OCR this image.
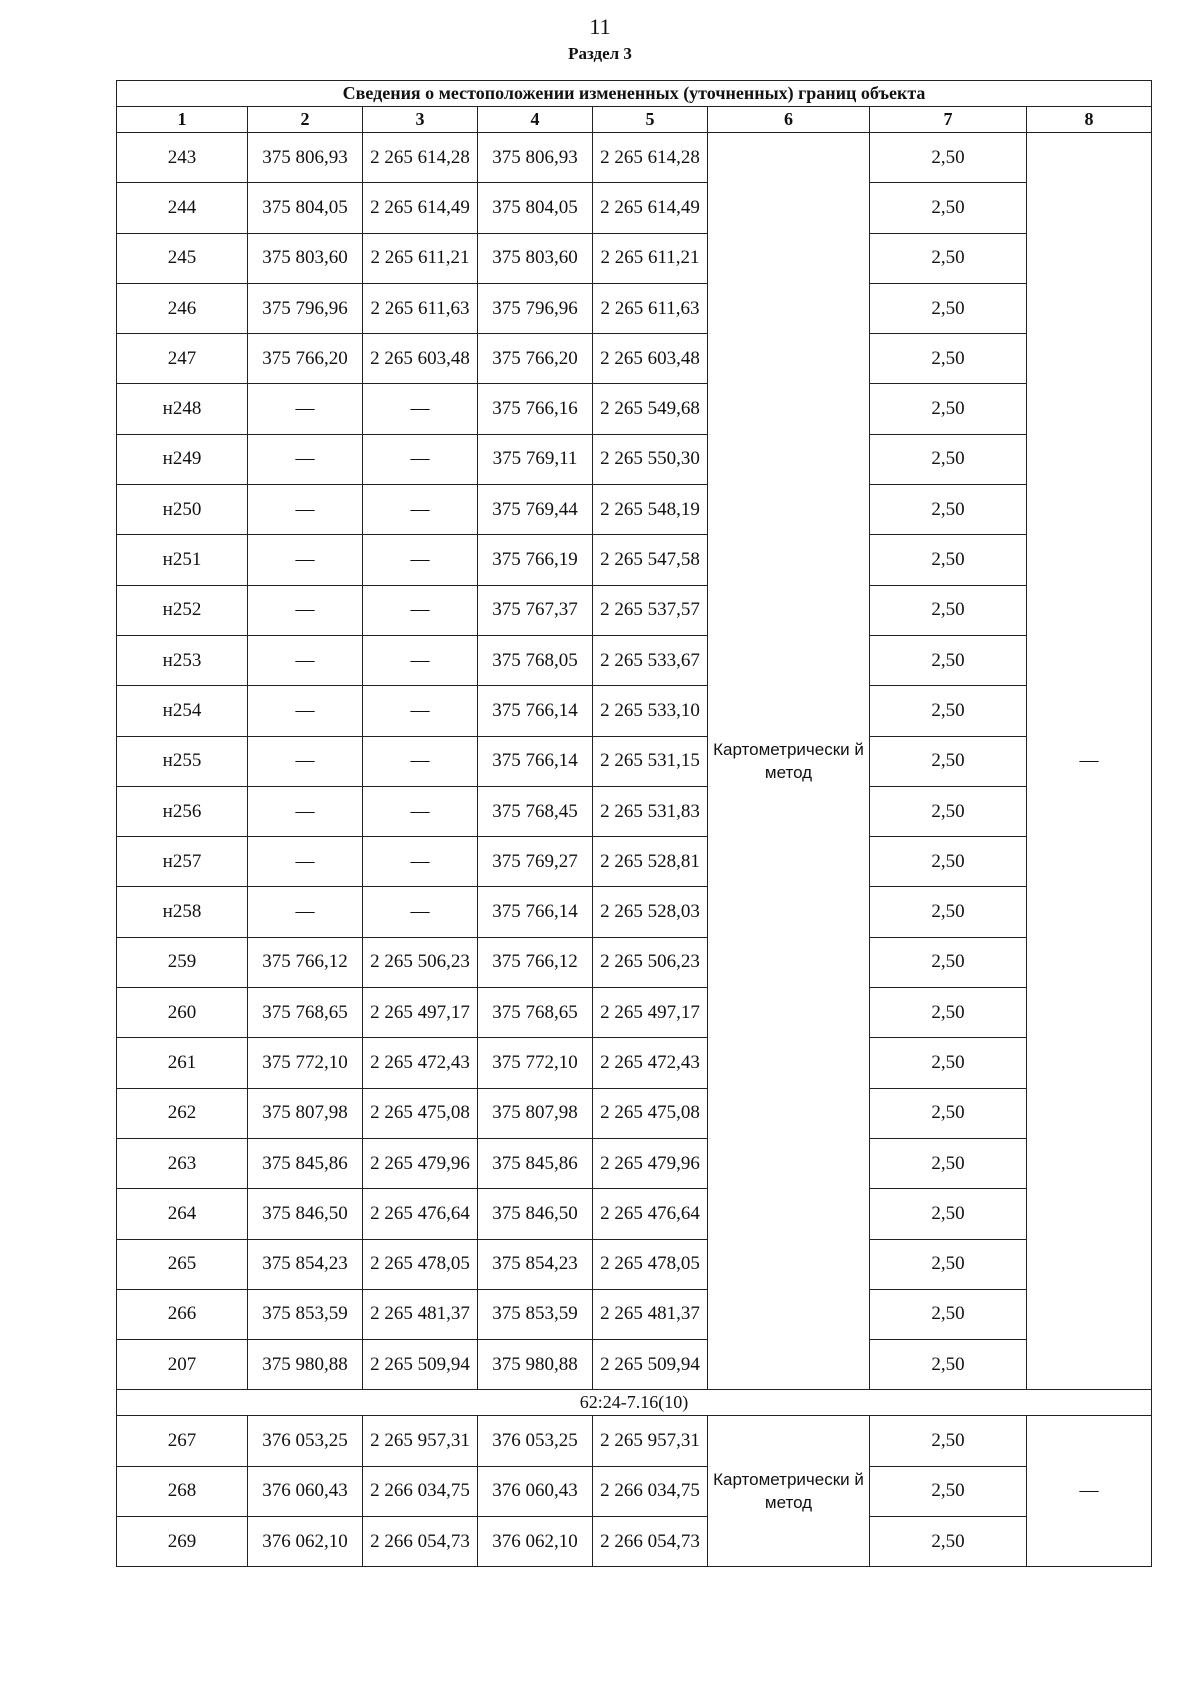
11
Раздел 3
Сведения о местоположении измененных (уточненных) границ объекта							
1	2	3	4	5	6	7	8
243	375 806,93	2 265 614,28	375 806,93	2 265 614,28	Картометрически й метод	2,50	—
244	375 804,05	2 265 614,49	375 804,05	2 265 614,49		2,50	
245	375 803,60	2 265 611,21	375 803,60	2 265 611,21		2,50	
246	375 796,96	2 265 611,63	375 796,96	2 265 611,63		2,50	
247	375 766,20	2 265 603,48	375 766,20	2 265 603,48		2,50	
н248	—	—	375 766,16	2 265 549,68		2,50	
н249	—	—	375 769,11	2 265 550,30		2,50	
н250	—	—	375 769,44	2 265 548,19		2,50	
н251	—	—	375 766,19	2 265 547,58		2,50	
н252	—	—	375 767,37	2 265 537,57		2,50	
н253	—	—	375 768,05	2 265 533,67		2,50	
н254	—	—	375 766,14	2 265 533,10		2,50	
н255	—	—	375 766,14	2 265 531,15		2,50	
н256	—	—	375 768,45	2 265 531,83		2,50	
н257	—	—	375 769,27	2 265 528,81		2,50	
н258	—	—	375 766,14	2 265 528,03		2,50	
259	375 766,12	2 265 506,23	375 766,12	2 265 506,23		2,50	
260	375 768,65	2 265 497,17	375 768,65	2 265 497,17		2,50	
261	375 772,10	2 265 472,43	375 772,10	2 265 472,43		2,50	
262	375 807,98	2 265 475,08	375 807,98	2 265 475,08		2,50	
263	375 845,86	2 265 479,96	375 845,86	2 265 479,96		2,50	
264	375 846,50	2 265 476,64	375 846,50	2 265 476,64		2,50	
265	375 854,23	2 265 478,05	375 854,23	2 265 478,05		2,50	
266	375 853,59	2 265 481,37	375 853,59	2 265 481,37		2,50	
207	375 980,88	2 265 509,94	375 980,88	2 265 509,94		2,50	
62:24-7.16(10)							
267	376 053,25	2 265 957,31	376 053,25	2 265 957,31	Картометрически й метод	2,50	—
268	376 060,43	2 266 034,75	376 060,43	2 266 034,75		2,50	
269	376 062,10	2 266 054,73	376 062,10	2 266 054,73		2,50	
